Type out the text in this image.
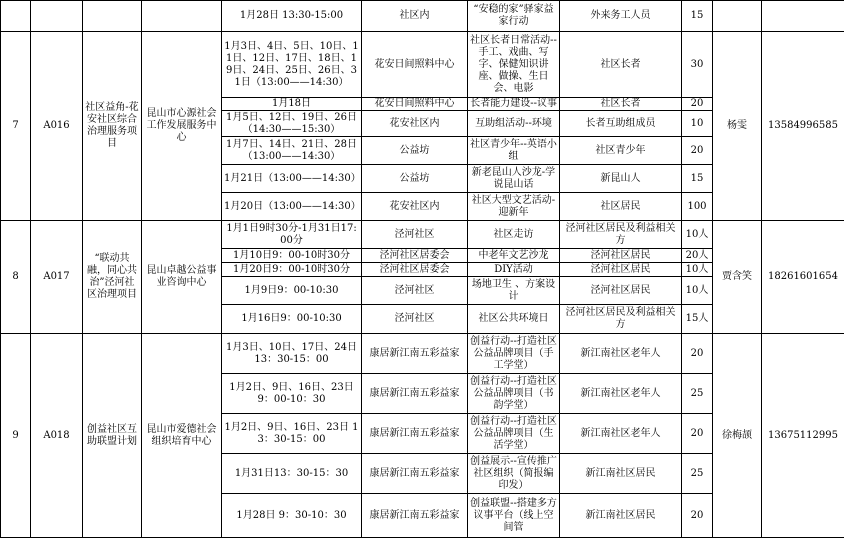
				1月28日 13:30-15:00	社区内	“安稳的家”驿家益家行动	外来务工人员	15		
7	A016	社区益角-花安社区综合治理服务项目	昆山市心源社会工作发展服务中心	1月3日、4日、5日、10日、11日、12日、17日、18日、19日、24日、25日、26日、31日（13:00——14:30）	花安日间照料中心	社区长者日常活动--手工、戏曲、写字、保健知识讲座、做操、生日会、电影	社区长者	30	杨雯	13584996585
				1月18日	花安日间照料中心	长者能力建设--议事	社区长者	20		
				1月5日、12日、19日、26日（14:30——15:30）	花安社区内	互助组活动--环境	长者互助组成员	10		
				1月7日、14日、21日、28日（13:00——14:30）	公益坊	社区青少年--英语小组	社区青少年	20		
				1月21日（13:00——14:30）	公益坊	新老昆山人沙龙-学说昆山话	新昆山人	15		
				1月20日（13:00——14:30）	花安社区内	社区大型文艺活动-迎新年	社区居民	100		
8	A017	“联动共融，同心共治”泾河社区治理项目	昆山卓越公益事业咨询中心	1月1日9时30分-1月31日17:00分	泾河社区	社区走访	泾河社区居民及利益相关方	10人	贾含笑	18261601654
				1月10日9：00-10时30分	泾河社区居委会	中老年文艺沙龙	泾河社区居民	20人		
				1月20日9：00-10时30分	泾河社区居委会	DIY活动	泾河社区居民	10人		
				1月9日9：00-10:30	泾河社区	场地卫生 、方案设计	泾河社区居民	10人		
				1月16日9：00-10:30	泾河社区	社区公共环境日	泾河社区居民及利益相关方	15人		
9	A018	创益社区互助联盟计划	昆山市爱德社会组织培育中心	1月3日、10日、17日、24日 13：30-15：00	康居新江南五彩益家	创益行动--打造社区公益品牌项目（手工学堂）	新江南社区老年人	20	徐梅颉	13675112995
				1月2日、9日、16日、23日 9：00-10：30	康居新江南五彩益家	创益行动--打造社区公益品牌项目（书韵学堂）	新江南社区老年人	25		
				1月2日、9日、16日、23日 13：30-15：00	康居新江南五彩益家	创益行动--打造社区公益品牌项目（生活学堂）	新江南社区老年人	20		
				1月31日13：30-15：30	康居新江南五彩益家	创益展示--宣传推广社区组织（简报编印发）	新江南社区居民	25		
				1月28日 9：30-10：30	康居新江南五彩益家	创益联盟--搭建多方议事平台（线上空间管	新江南社区居民	20		
